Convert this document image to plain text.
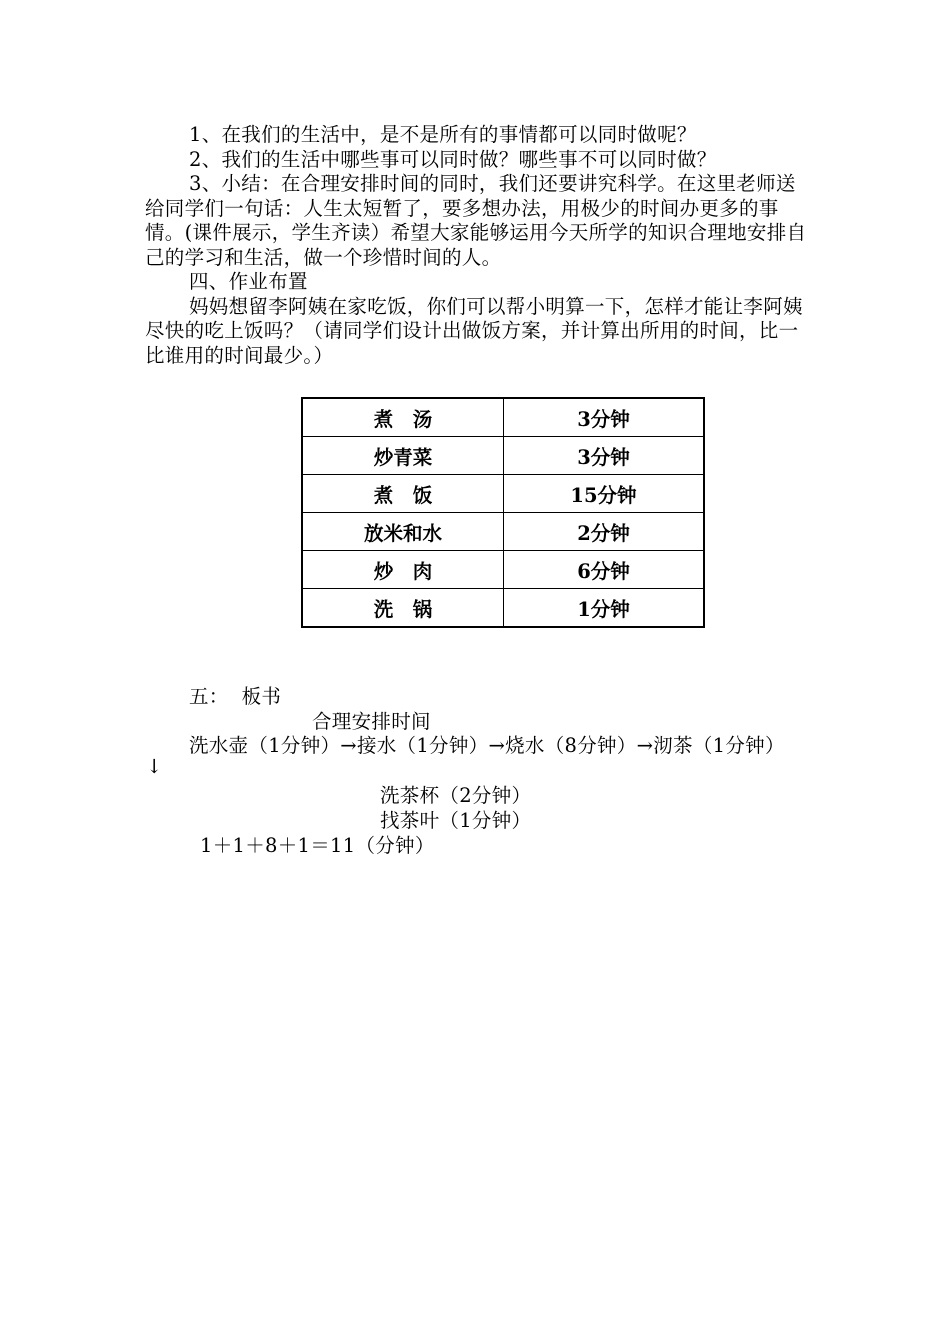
1、在我们的生活中，是不是所有的事情都可以同时做呢？

2、我们的生活中哪些事可以同时做？哪些事不可以同时做？

3、小结：在合理安排时间的同时，我们还要讲究科学。在这里老师送给同学们一句话：人生太短暂了，要多想办法，用极少的时间办更多的事情。(课件展示，学生齐读）希望大家能够运用今天所学的知识合理地安排自己的学习和生活，做一个珍惜时间的人。

四、作业布置

妈妈想留李阿姨在家吃饭，你们可以帮小明算一下，怎样才能让李阿姨尽快的吃上饭吗？（请同学们设计出做饭方案，并计算出所用的时间，比一比谁用的时间最少。）

煮　汤	3分钟
炒青菜	3分钟
煮　饭	15分钟
放米和水	2分钟
炒　肉	6分钟
洗　锅	1分钟
五：  板书
合理安排时间
洗水壶（1分钟）→接水（1分钟）→烧水（8分钟）→沏茶（1分钟）
↓
洗茶杯（2分钟）
找茶叶（1分钟）
1＋1＋8＋1＝11（分钟）
